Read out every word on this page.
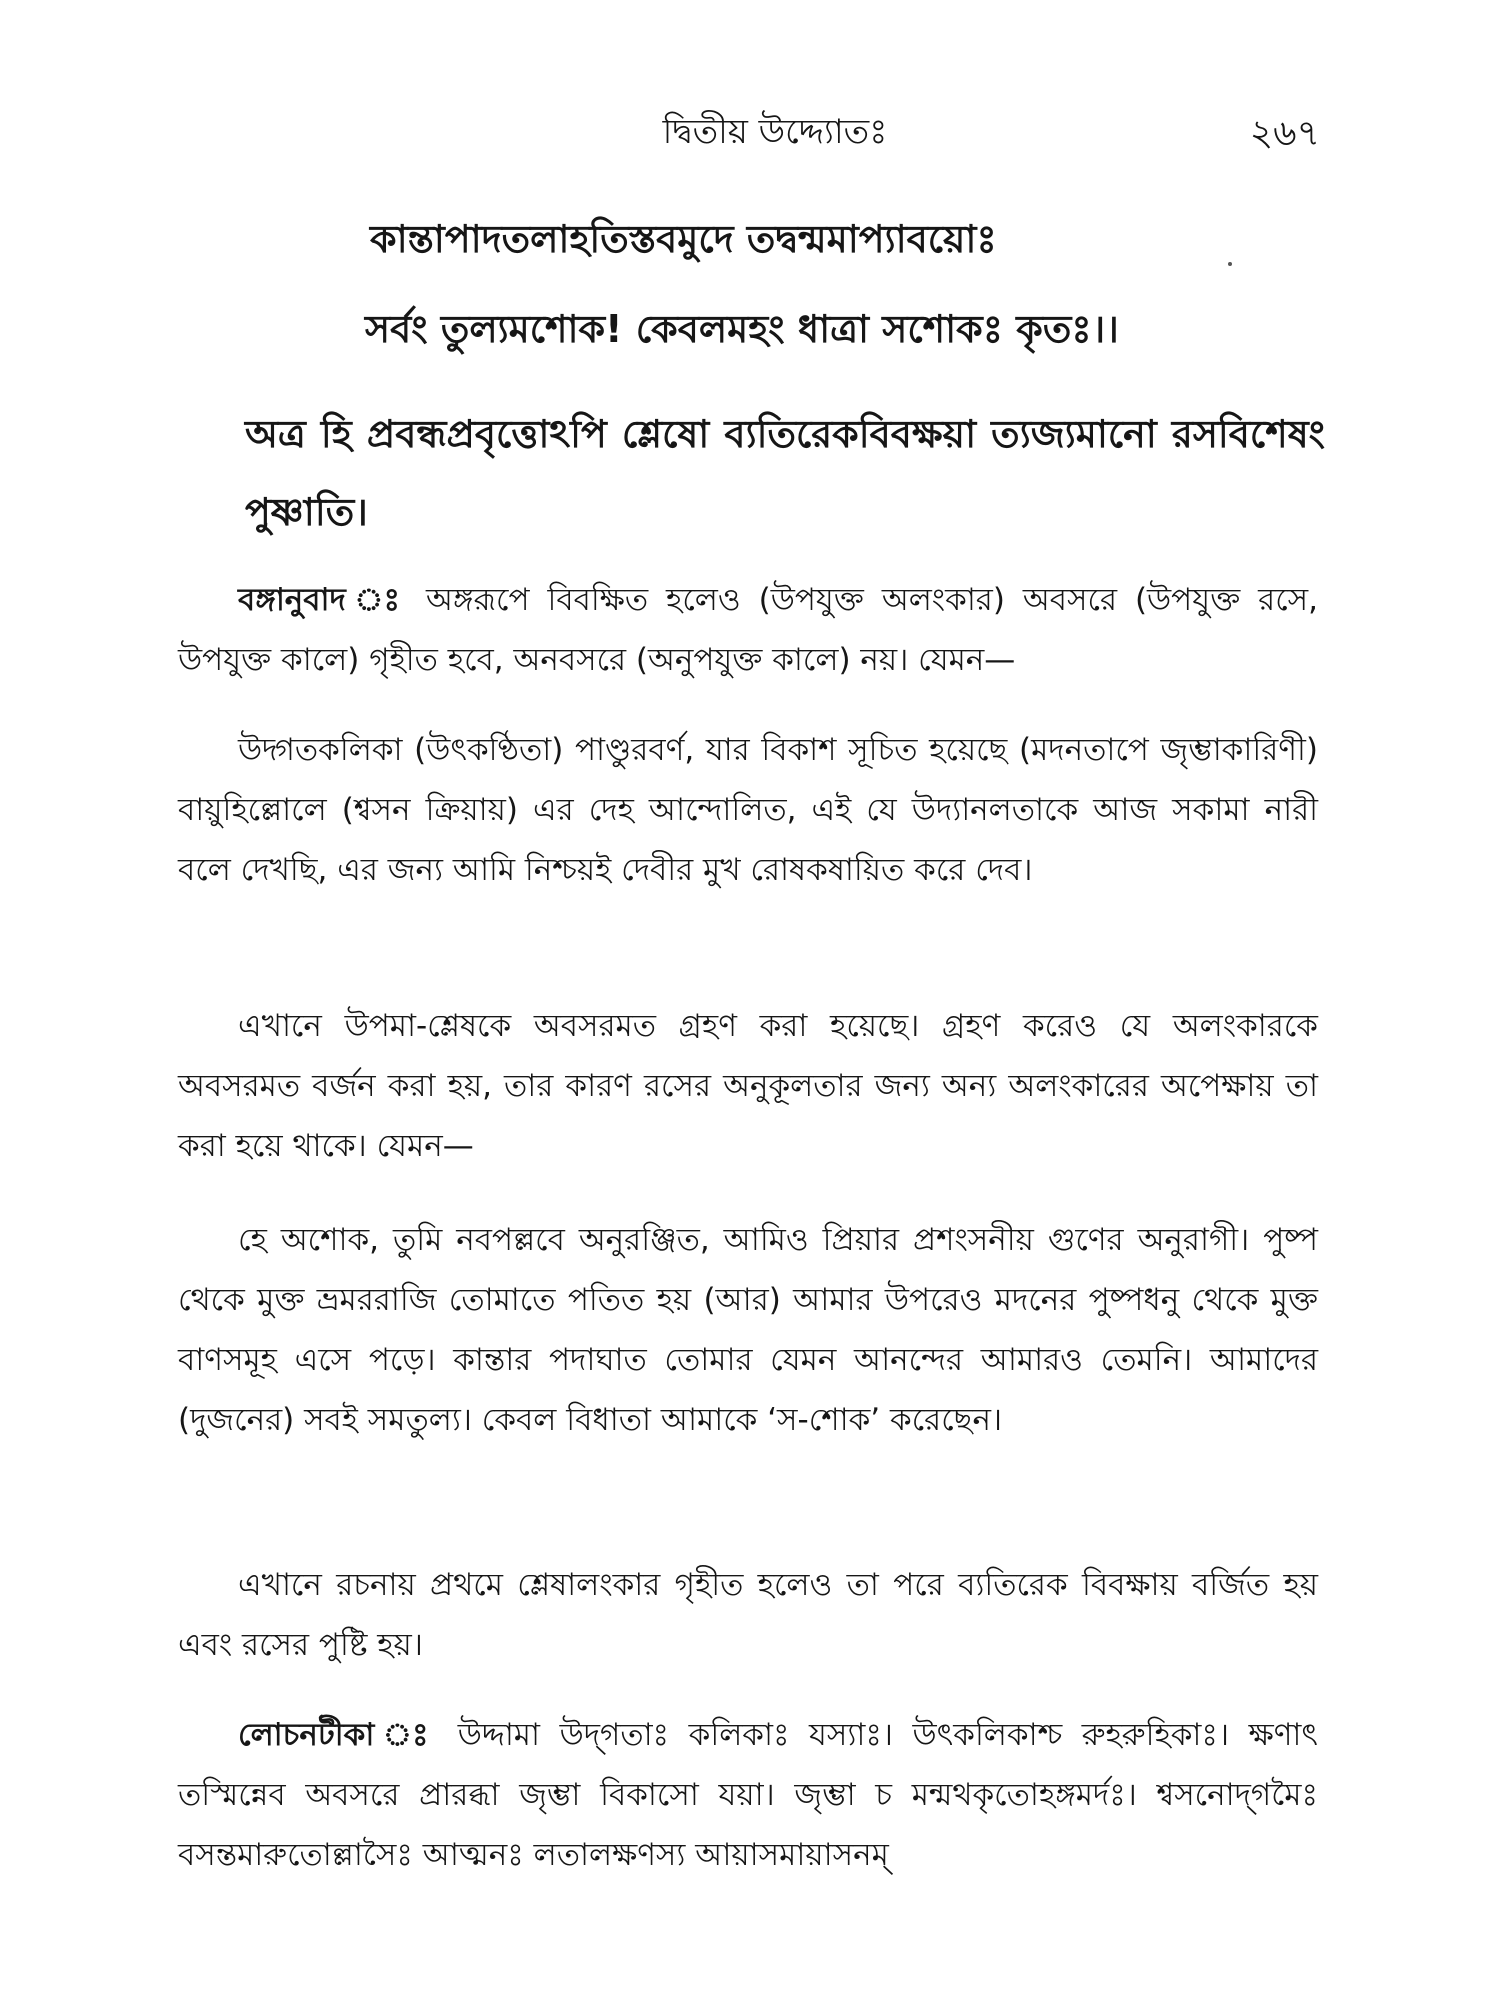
দ্বিতীয় উদ্দ্যোতঃ	২৬৭
কান্তাপাদতলাহতিস্তবমুদে তদ্বন্মমাপ্যাবয়োঃ
সর্বং তুল্যমশোক! কেবলমহং ধাত্রা সশোকঃ কৃতঃ।।
অত্র হি প্রবন্ধপ্রবৃত্তোঽপি শ্লেষো ব্যতিরেকবিবক্ষয়া ত্যজ্যমানো রসবিশেষং পুষ্ণাতি।
বঙ্গানুবাদ ঃ অঙ্গরূপে বিবক্ষিত হলেও (উপযুক্ত অলংকার) অবসরে (উপযুক্ত রসে, উপযুক্ত কালে) গৃহীত হবে, অনবসরে (অনুপযুক্ত কালে) নয়। যেমন—
উদ্গতকলিকা (উৎকণ্ঠিতা) পাণ্ডুরবর্ণ, যার বিকাশ সূচিত হয়েছে (মদনতাপে জৃম্ভাকারিণী) বায়ুহিল্লোলে (শ্বসন ক্রিয়ায়) এর দেহ আন্দোলিত, এই যে উদ্যানলতাকে আজ সকামা নারী বলে দেখছি, এর জন্য আমি নিশ্চয়ই দেবীর মুখ রোষকষায়িত করে দেব।
এখানে উপমা-শ্লেষকে অবসরমত গ্রহণ করা হয়েছে। গ্রহণ করেও যে অলংকারকে অবসরমত বর্জন করা হয়, তার কারণ রসের অনুকূলতার জন্য অন্য অলংকারের অপেক্ষায় তা করা হয়ে থাকে। যেমন—
হে অশোক, তুমি নবপল্লবে অনুরঞ্জিত, আমিও প্রিয়ার প্রশংসনীয় গুণের অনুরাগী। পুষ্প থেকে মুক্ত ভ্রমররাজি তোমাতে পতিত হয় (আর) আমার উপরেও মদনের পুষ্পধনু থেকে মুক্ত বাণসমূহ এসে পড়ে। কান্তার পদাঘাত তোমার যেমন আনন্দের আমারও তেমনি। আমাদের (দুজনের) সবই সমতুল্য। কেবল বিধাতা আমাকে ‘স-শোক’ করেছেন।
এখানে রচনায় প্রথমে শ্লেষালংকার গৃহীত হলেও তা পরে ব্যতিরেক বিবক্ষায় বর্জিত হয় এবং রসের পুষ্টি হয়।
লোচনটীকা ঃ উদ্দামা উদ্‌গতাঃ কলিকাঃ যস্যাঃ। উৎকলিকাশ্চ রুহরুহিকাঃ। ক্ষণাৎ তস্মিন্নেব অবসরে প্রারব্ধা জৃম্ভা বিকাসো যয়া। জৃম্ভা চ মন্মথকৃতোহঙ্গমর্দঃ। শ্বসনোদ্‌গমৈঃ বসন্তমারুতোল্লাসৈঃ আত্মনঃ লতালক্ষণস্য আয়াসমায়াসনম্
